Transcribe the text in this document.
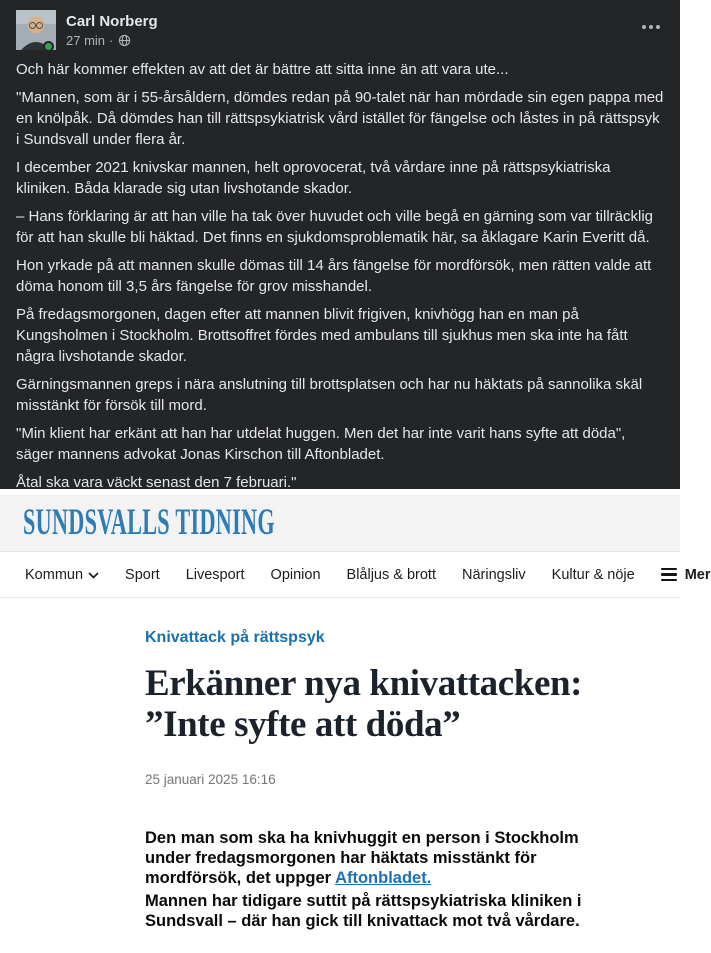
Carl Norberg
27 min ·

Och här kommer effekten av att det är bättre att sitta inne än att vara ute...

"Mannen, som är i 55-årsåldern, dömdes redan på 90-talet när han mördade sin egen pappa med en knölpåk. Då dömdes han till rättspsykiatrisk vård istället för fängelse och låstes in på rättspsyk i Sundsvall under flera år.

I december 2021 knivskar mannen, helt oprovocerat, två vårdare inne på rättspsykiatriska kliniken. Båda klarade sig utan livshotande skador.

– Hans förklaring är att han ville ha tak över huvudet och ville begå en gärning som var tillräcklig för att han skulle bli häktad. Det finns en sjukdomsproblematik här, sa åklagare Karin Everitt då.

Hon yrkade på att mannen skulle dömas till 14 års fängelse för mordförsök, men rätten valde att döma honom till 3,5 års fängelse för grov misshandel.

På fredagsmorgonen, dagen efter att mannen blivit frigiven, knivhögg han en man på Kungsholmen i Stockholm. Brottsoffret fördes med ambulans till sjukhus men ska inte ha fått några livshotande skador.

Gärningsmannen greps i nära anslutning till brottsplatsen och har nu häktats på sannolika skäl misstänkt för försök till mord.

"Min klient har erkänt att han har utdelat huggen. Men det har inte varit hans syfte att döda", säger mannens advokat Jonas Kirschon till Aftonbladet.

Åtal ska vara väckt senast den 7 februari."

SUNDSVALLS TIDNING
Kommun	Sport Livesport Opinion Blåljus & brott Näringsliv Kultur & nöje	Mer
Knivattack på rättspsyk
Erkänner nya knivattacken: ”Inte syfte att döda”
25 januari 2025 16:16

Den man som ska ha knivhuggit en person i Stockholm under fredagsmorgonen har häktats misstänkt för mordförsök, det uppger Aftonbladet.

Mannen har tidigare suttit på rättspsykiatriska kliniken i Sundsvall – där han gick till knivattack mot två vårdare.
